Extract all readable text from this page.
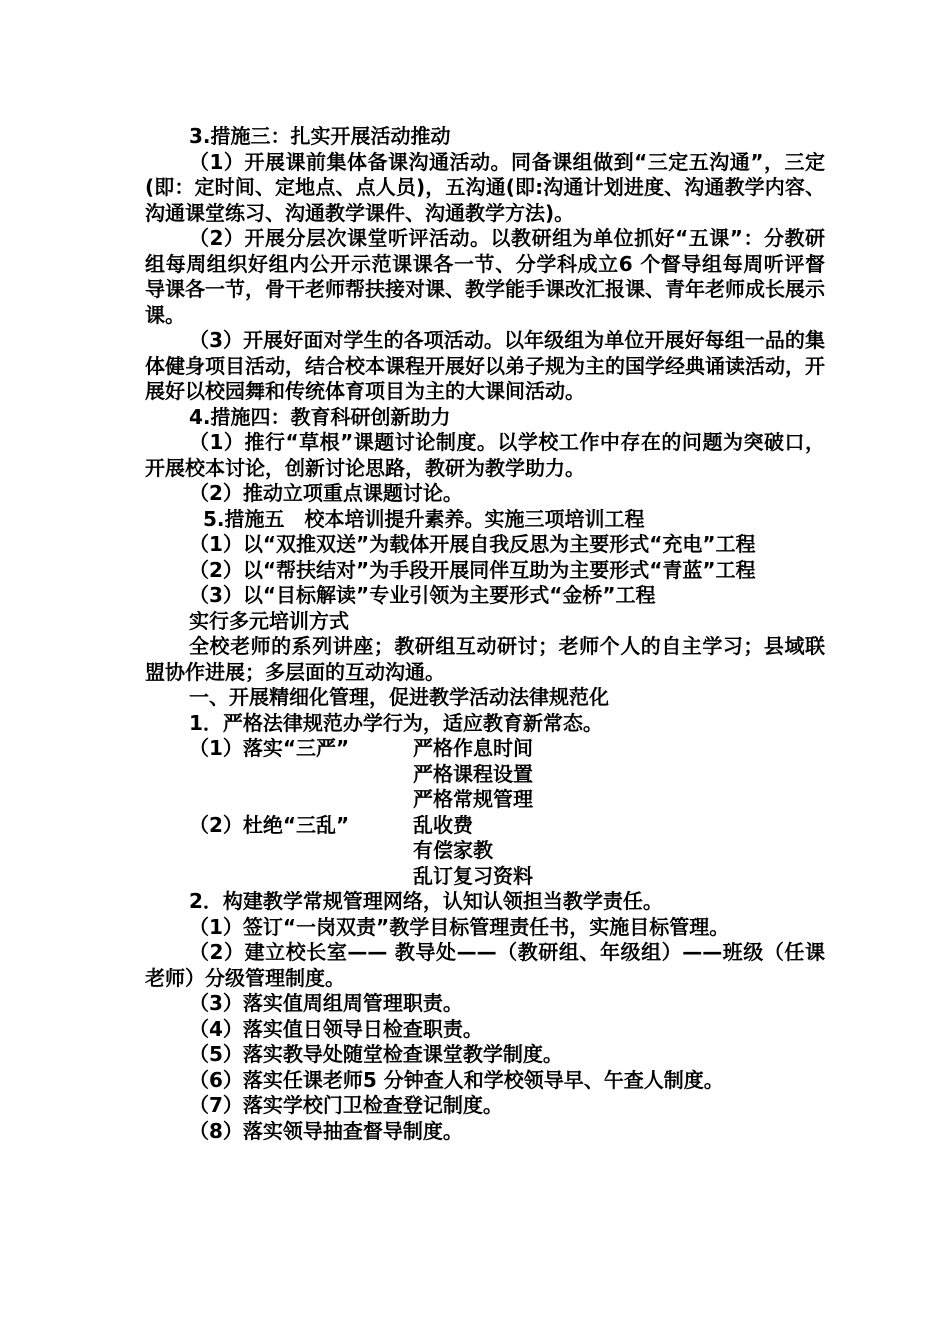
3.措施三：扎实开展活动推动

（1）开展课前集体备课沟通活动。同备课组做到“三定五沟通”，三定(即：定时间、定地点、点人员)，五沟通(即:沟通计划进度、沟通教学内容、沟通课堂练习、沟通教学课件、沟通教学方法)。

（2）开展分层次课堂听评活动。以教研组为单位抓好“五课”：分教研组每周组织好组内公开示范课课各一节、分学科成立6 个督导组每周听评督导课各一节，骨干老师帮扶接对课、教学能手课改汇报课、青年老师成长展示课。

（3）开展好面对学生的各项活动。以年级组为单位开展好每组一品的集体健身项目活动，结合校本课程开展好以弟子规为主的国学经典诵读活动，开展好以校园舞和传统体育项目为主的大课间活动。

4.措施四：教育科研创新助力

（1）推行“草根”课题讨论制度。以学校工作中存在的问题为突破口，开展校本讨论，创新讨论思路，教研为教学助力。

（2）推动立项重点课题讨论。

5.措施五　校本培训提升素养。实施三项培训工程

（1）以“双推双送”为载体开展自我反思为主要形式“充电”工程

（2）以“帮扶结对”为手段开展同伴互助为主要形式“青蓝”工程

（3）以“目标解读”专业引领为主要形式“金桥”工程

实行多元培训方式

全校老师的系列讲座；教研组互动研讨；老师个人的自主学习；县域联盟协作进展；多层面的互动沟通。

一、开展精细化管理，促进教学活动法律规范化

1．严格法律规范办学行为，适应教育新常态。

（1）落实“三严”	严格作息时间
严格课程设置
严格常规管理
（2）杜绝“三乱”	乱收费
有偿家教
乱订复习资料

2．构建教学常规管理网络，认知认领担当教学责任。

（1）签订“一岗双责”教学目标管理责任书，实施目标管理。

（2）建立校长室—— 教导处——（教研组、年级组）——班级（任课老师）分级管理制度。

（3）落实值周组周管理职责。

（4）落实值日领导日检查职责。

（5）落实教导处随堂检查课堂教学制度。

（6）落实任课老师5 分钟查人和学校领导早、午查人制度。

（7）落实学校门卫检查登记制度。

（8）落实领导抽查督导制度。
